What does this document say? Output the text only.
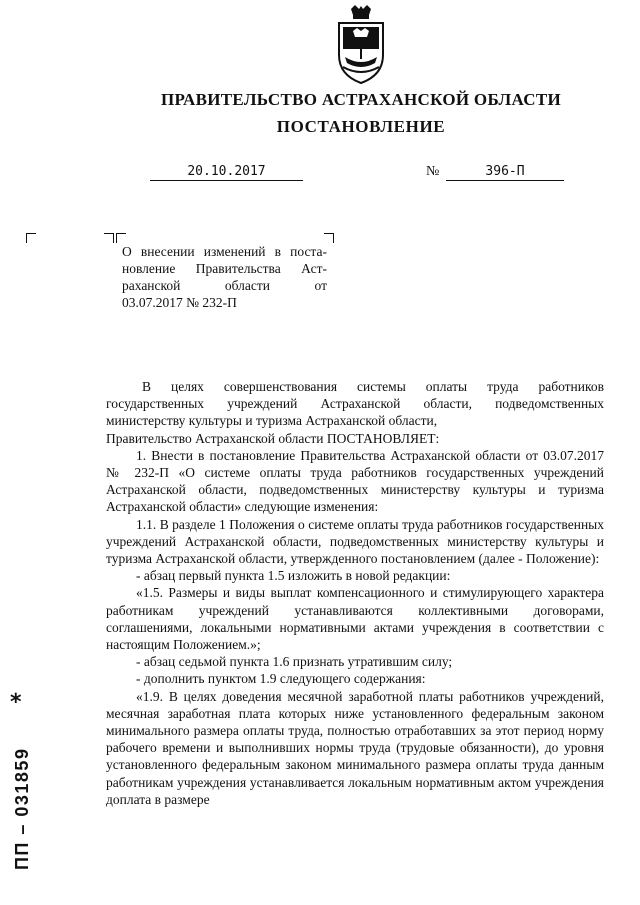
ПРАВИТЕЛЬСТВО АСТРАХАНСКОЙ ОБЛАСТИ
ПОСТАНОВЛЕНИЕ
20.10.2017	№	396-П
О внесении изменений в поста-
новление Правительства Аст-
раханской области от
03.07.2017 № 232-П

В целях совершенствования системы оплаты труда работников государственных учреждений Астраханской области, подведомственных министерству культуры и туризма Астраханской области,

Правительство Астраханской области ПОСТАНОВЛЯЕТ:

1. Внести в постановление Правительства Астраханской области от 03.07.2017 № 232-П «О системе оплаты труда работников государственных учреждений Астраханской области, подведомственных министерству культуры и туризма Астраханской области» следующие изменения:

1.1. В разделе 1 Положения о системе оплаты труда работников государственных учреждений Астраханской области, подведомственных министерству культуры и туризма Астраханской области, утвержденного постановлением (далее - Положение):

- абзац первый пункта 1.5 изложить в новой редакции:

«1.5. Размеры и виды выплат компенсационного и стимулирующего характера работникам учреждений устанавливаются коллективными договорами, соглашениями, локальными нормативными актами учреждения в соответствии с настоящим Положением.»;

- абзац седьмой пункта 1.6 признать утратившим силу;

- дополнить пунктом 1.9 следующего содержания:

«1.9. В целях доведения месячной заработной платы работников учреждений, месячная заработная плата которых ниже установленного федеральным законом минимального размера оплаты труда, полностью отработавших за этот период норму рабочего времени и выполнивших нормы труда (трудовые обязанности), до уровня установленного федеральным законом минимального размера оплаты труда данным работникам учреждения устанавливается локальным нормативным актом учреждения доплата в размере

*
ПП – 031859
